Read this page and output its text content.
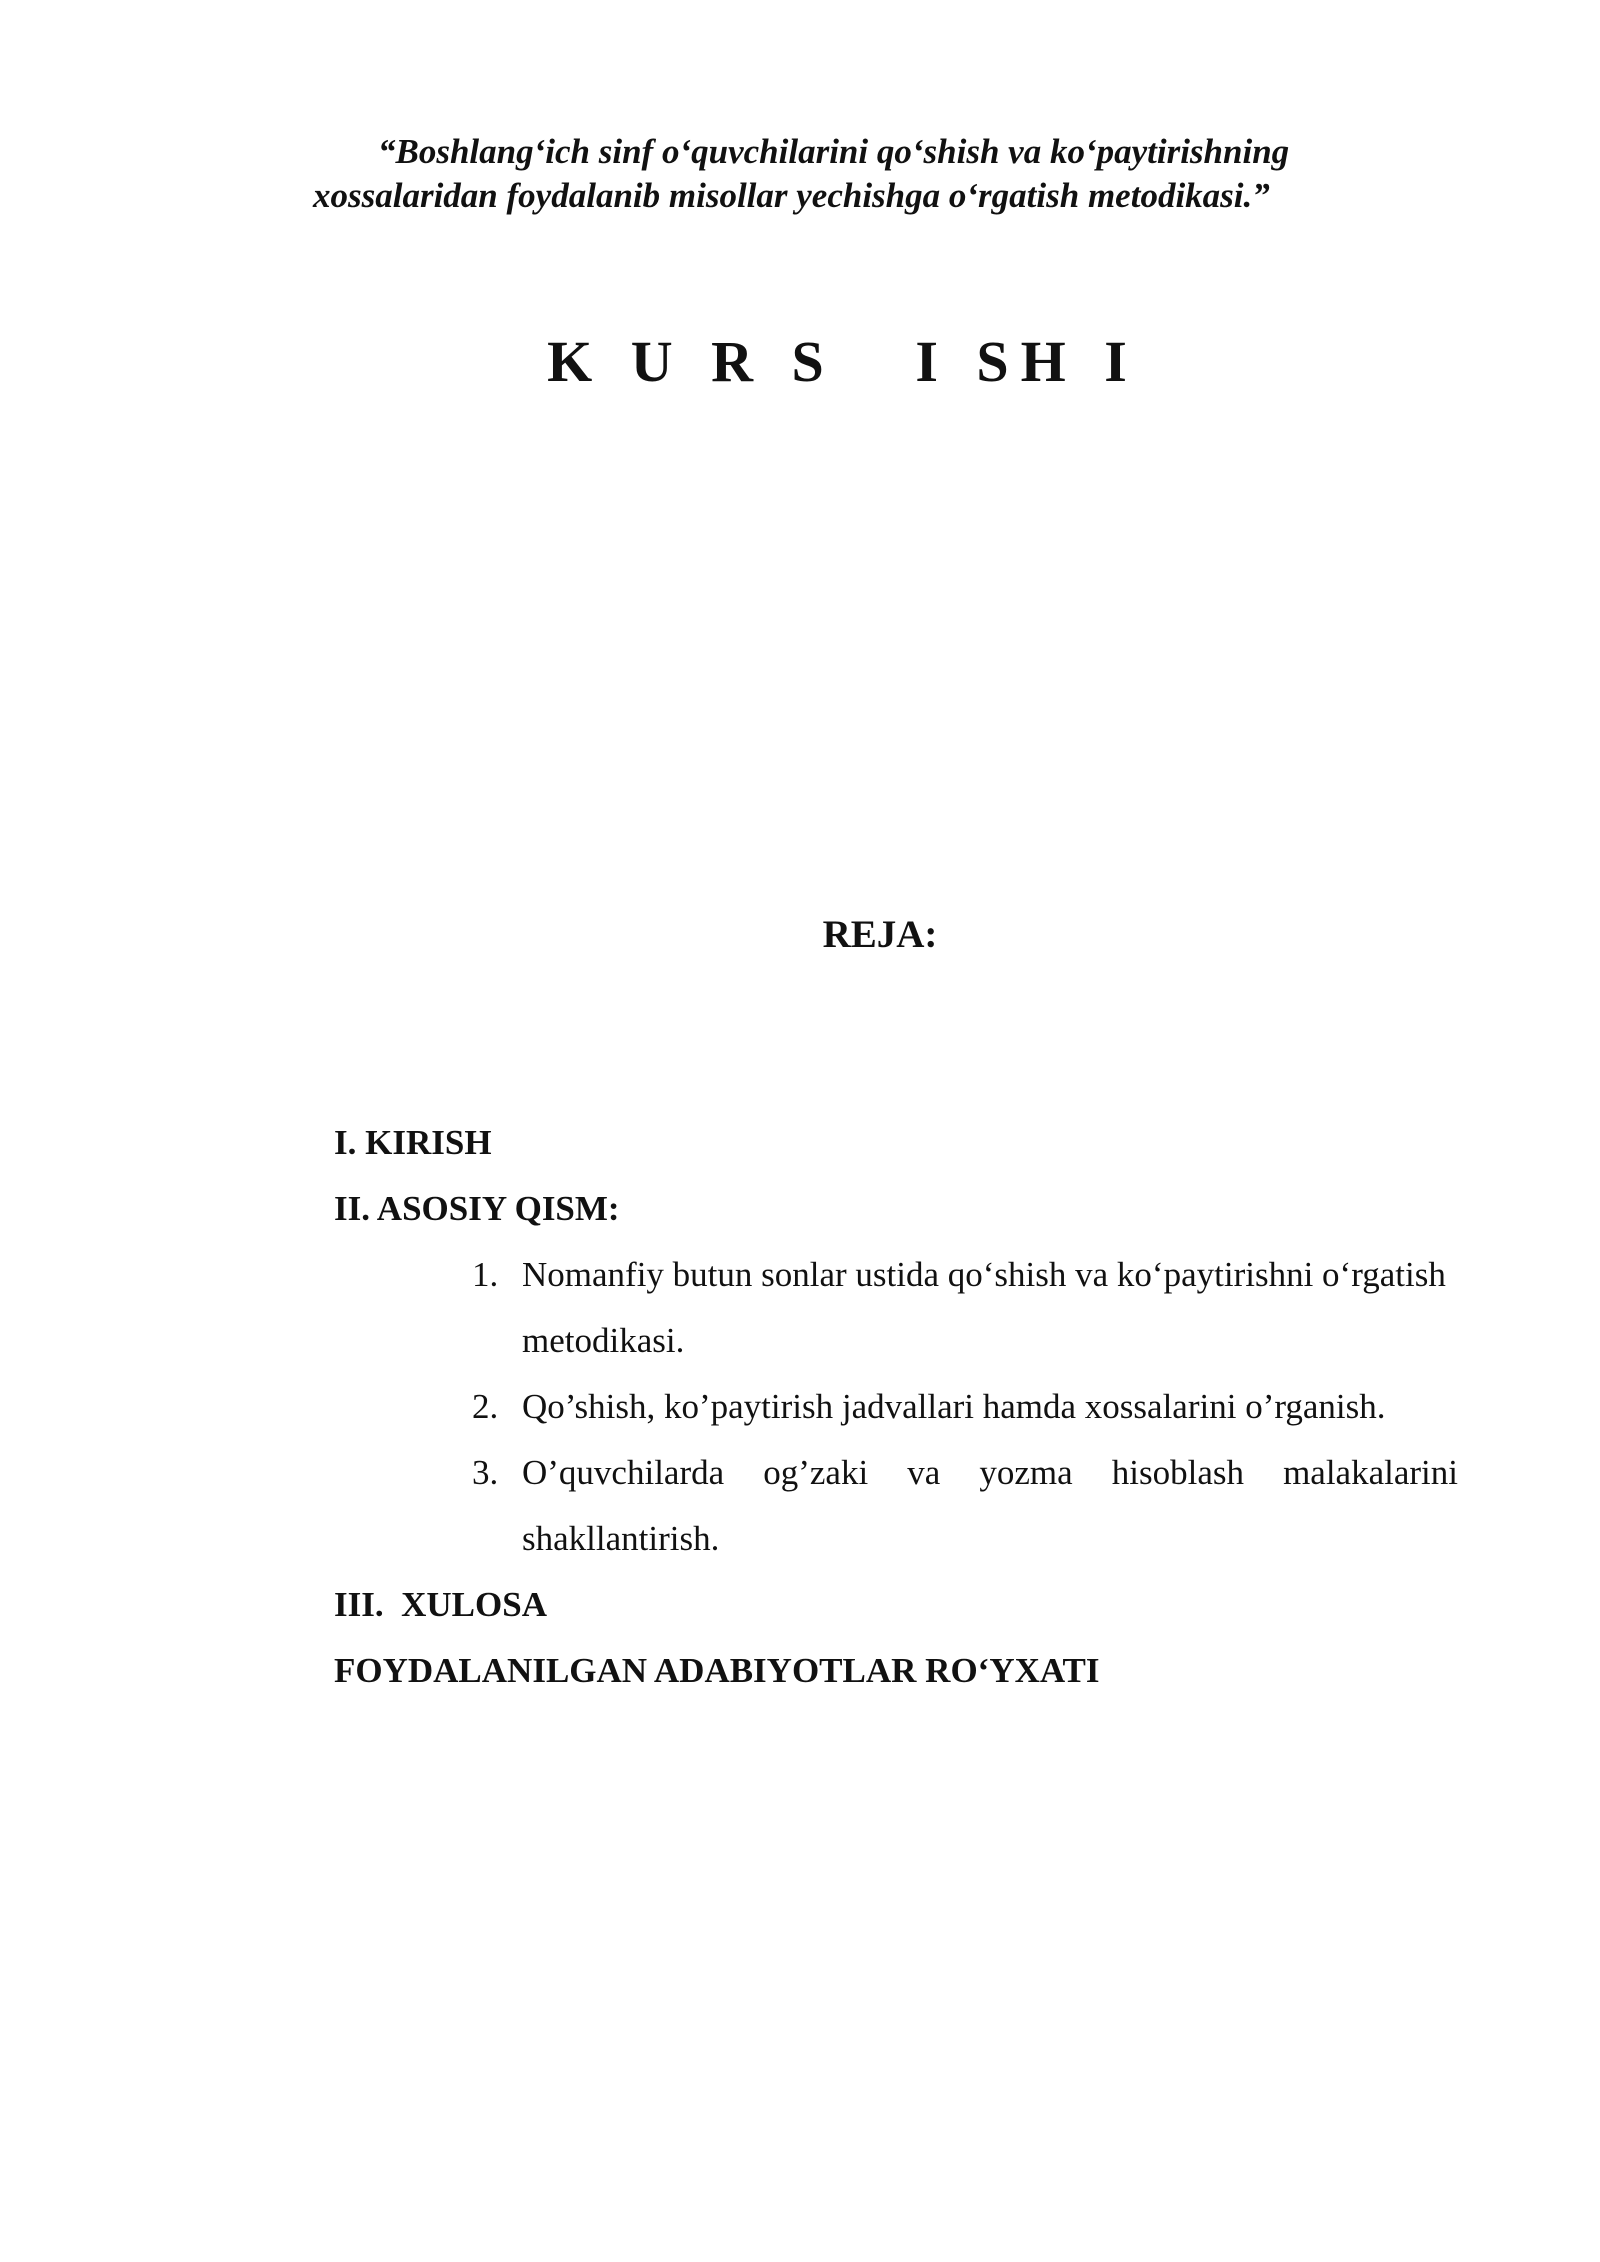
“Boshlang‘ich sinf o‘quvchilarini qo‘shish va ko‘paytirishning
xossalaridan foydalanib misollar yechishga o‘rgatish metodikasi.”
K U R S   I SH I
REJA:
I. KIRISH
II. ASOSIY QISM:
1. Nomanfiy butun sonlar ustida qo‘shish va ko‘paytirishni o‘rgatish metodikasi.
2. Qo’shish, ko’paytirish jadvallari hamda xossalarini o’rganish.
3. O’quvchilarda og’zaki va yozma hisoblash malakalarini shakllantirish.
III.  XULOSA
FOYDALANILGAN ADABIYOTLAR RO‘YXATI
